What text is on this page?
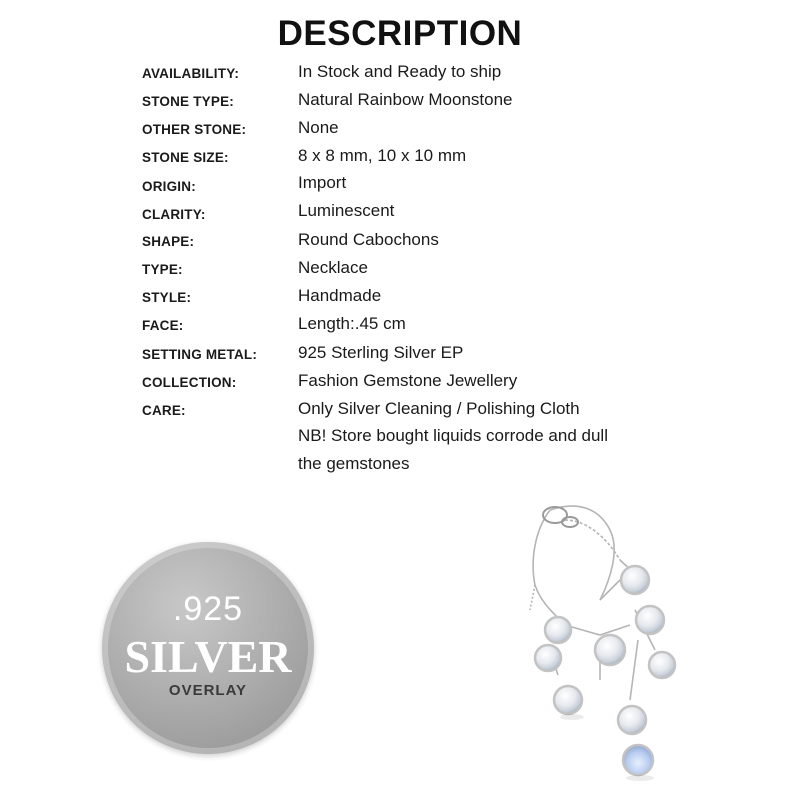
DESCRIPTION
AVAILABILITY:	In Stock and Ready to ship
STONE TYPE:	Natural Rainbow Moonstone
OTHER STONE:	None
STONE SIZE:	8 x 8 mm, 10 x 10 mm
ORIGIN:	Import
CLARITY:	Luminescent
SHAPE:	Round Cabochons
TYPE:	Necklace
STYLE:	Handmade
FACE:	Length:.45 cm
SETTING METAL: 925 Sterling Silver EP
COLLECTION:	Fashion Gemstone Jewellery
CARE:	Only Silver Cleaning / Polishing Cloth
NB! Store bought liquids corrode and dull
the gemstones
.925
SILVER
OVERLAY
